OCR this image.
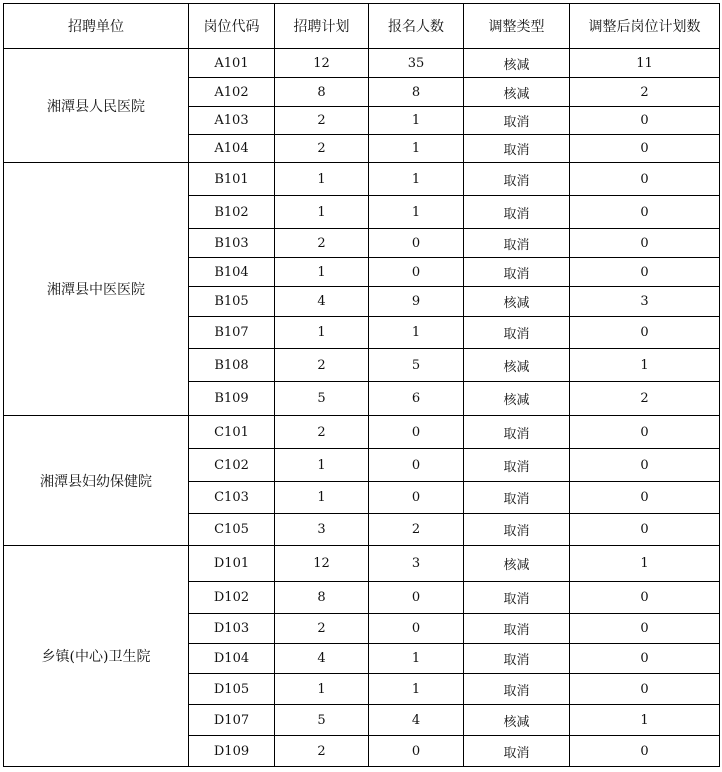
招聘单位	岗位代码	招聘计划	报名人数	调整类型	调整后岗位计划数
湘潭县人民医院	A101	12	35	核减	11
	A102	8	8	核减	2
	A103	2	1	取消	0
	A104	2	1	取消	0
湘潭县中医医院	B101	1	1	取消	0
	B102	1	1	取消	0
	B103	2	0	取消	0
	B104	1	0	取消	0
	B105	4	9	核减	3
	B107	1	1	取消	0
	B108	2	5	核减	1
	B109	5	6	核减	2
湘潭县妇幼保健院	C101	2	0	取消	0
	C102	1	0	取消	0
	C103	1	0	取消	0
	C105	3	2	取消	0
乡镇(中心)卫生院	D101	12	3	核减	1
	D102	8	0	取消	0
	D103	2	0	取消	0
	D104	4	1	取消	0
	D105	1	1	取消	0
	D107	5	4	核减	1
	D109	2	0	取消	0
